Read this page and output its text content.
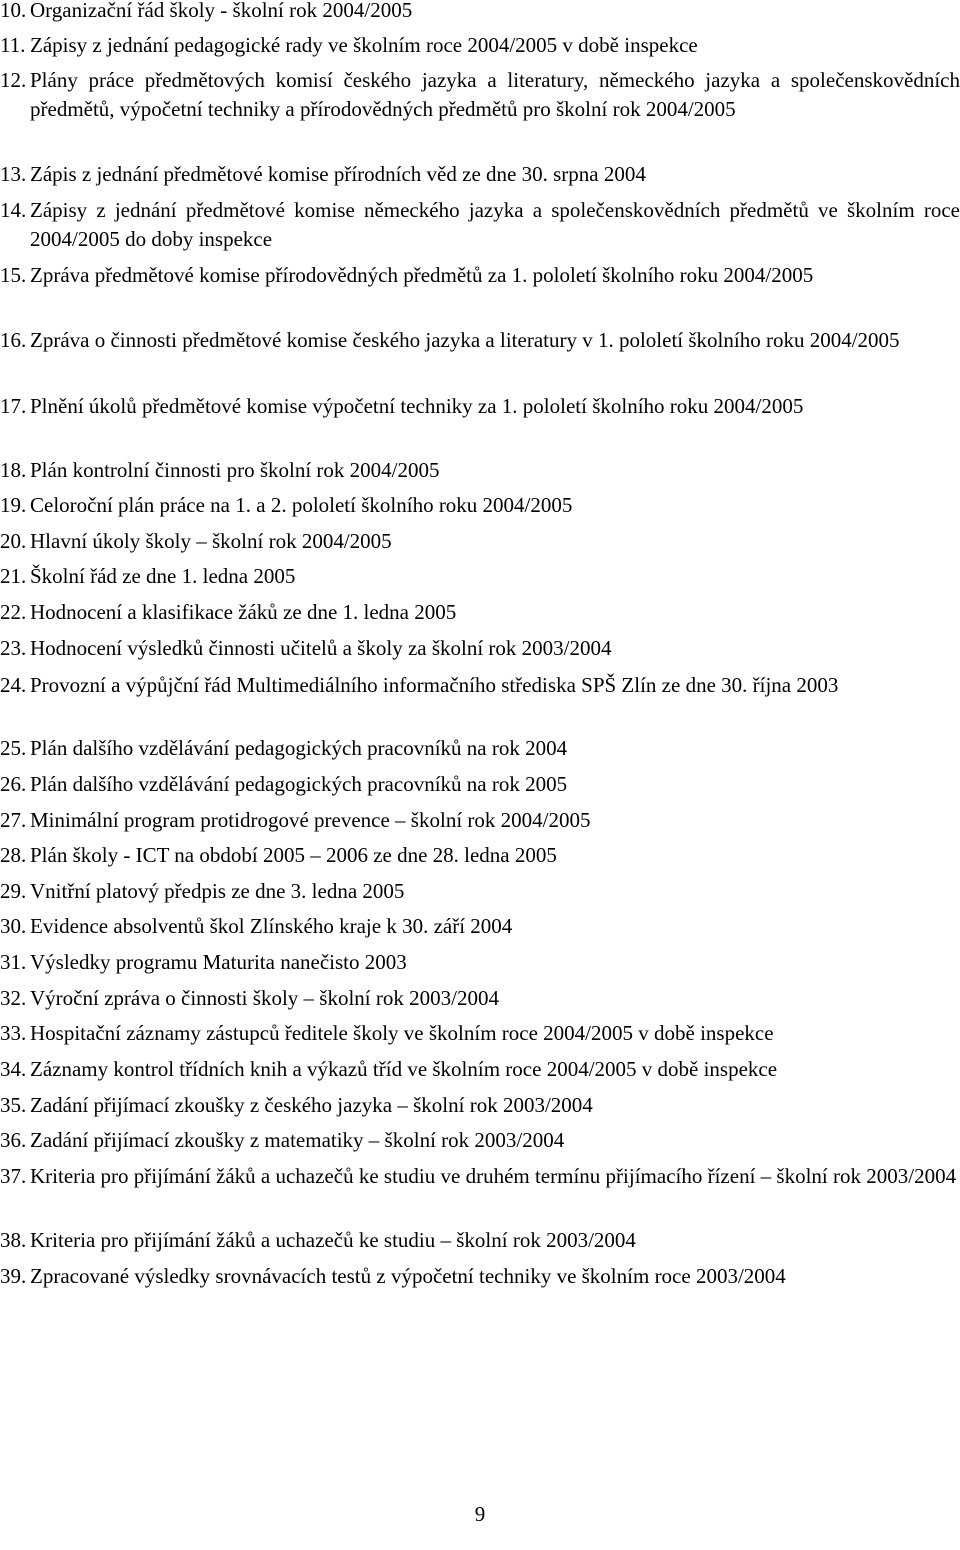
10. Organizační řád školy - školní rok 2004/2005
11. Zápisy z jednání pedagogické rady ve školním roce 2004/2005 v době inspekce
12. Plány práce předmětových komisí českého jazyka a literatury, německého jazyka a společenskovědních předmětů, výpočetní techniky a přírodovědných předmětů pro školní rok 2004/2005
13. Zápis z jednání předmětové komise přírodních věd ze dne 30. srpna 2004
14. Zápisy z jednání předmětové komise německého jazyka a společenskovědních předmětů ve školním roce 2004/2005 do doby inspekce
15. Zpráva předmětové komise přírodovědných předmětů za 1. pololetí školního roku 2004/2005
16. Zpráva o činnosti předmětové komise českého jazyka a literatury v 1. pololetí školního roku 2004/2005
17. Plnění úkolů předmětové komise výpočetní techniky za 1. pololetí školního roku 2004/2005
18. Plán kontrolní činnosti pro školní rok 2004/2005
19. Celoroční plán práce na 1. a 2. pololetí školního roku 2004/2005
20. Hlavní úkoly školy – školní rok 2004/2005
21. Školní řád ze dne 1. ledna 2005
22. Hodnocení a klasifikace žáků ze dne 1. ledna 2005
23. Hodnocení výsledků činnosti učitelů a školy za školní rok 2003/2004
24. Provozní a výpůjční řád Multimediálního informačního střediska SPŠ Zlín ze dne 30. října 2003
25. Plán dalšího vzdělávání pedagogických pracovníků na rok 2004
26. Plán dalšího vzdělávání pedagogických pracovníků na rok 2005
27. Minimální program protidrogové prevence – školní rok 2004/2005
28. Plán školy - ICT na období 2005 – 2006 ze dne 28. ledna 2005
29. Vnitřní platový předpis ze dne 3. ledna 2005
30. Evidence absolventů škol Zlínského kraje k 30. září 2004
31. Výsledky programu Maturita nanečisto 2003
32. Výroční zpráva o činnosti školy – školní rok 2003/2004
33. Hospitační záznamy zástupců ředitele školy ve školním roce 2004/2005 v době inspekce
34. Záznamy kontrol třídních knih a výkazů tříd ve školním roce 2004/2005 v době inspekce
35. Zadání přijímací zkoušky z českého jazyka – školní rok 2003/2004
36. Zadání přijímací zkoušky z matematiky – školní rok 2003/2004
37. Kriteria pro přijímání žáků a uchazečů ke studiu ve druhém termínu přijímacího řízení – školní rok 2003/2004
38. Kriteria pro přijímání žáků a uchazečů ke studiu – školní rok 2003/2004
39. Zpracované výsledky srovnávacích testů z výpočetní techniky ve školním roce 2003/2004
9
